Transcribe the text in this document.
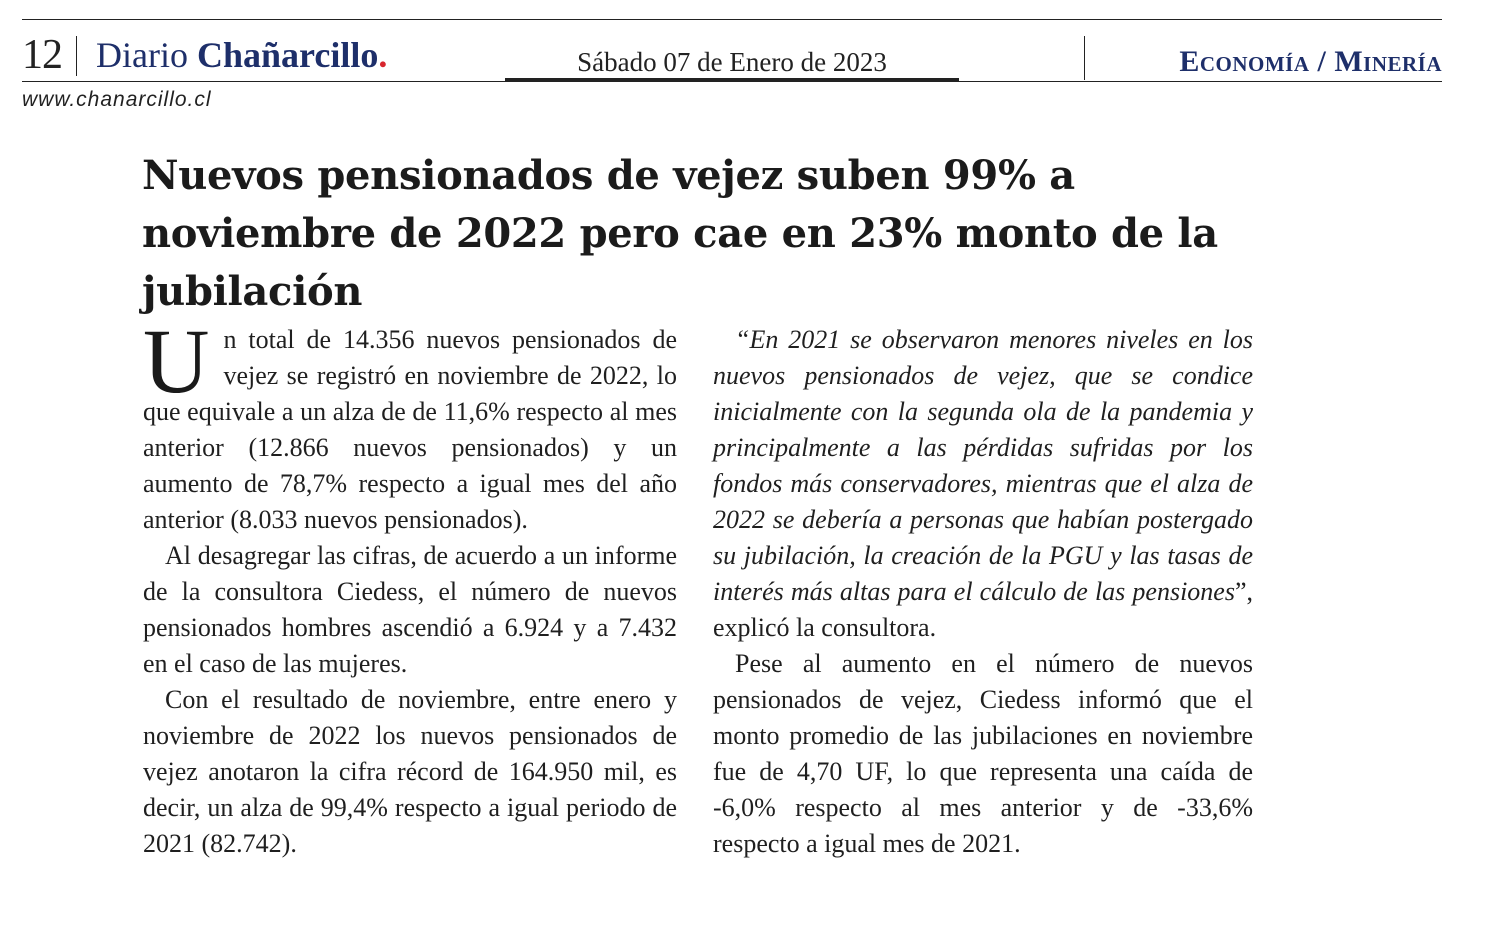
12 Diario Chañarcillo.	Sábado 07 de Enero de 2023	Economía / Minería
www.chanarcillo.cl
Nuevos pensionados de vejez suben 99% a noviembre de 2022 pero cae en 23% monto de la jubilación

Un total de 14.356 nuevos pensionados de vejez se registró en noviembre de 2022, lo que equivale a un alza de de 11,6% respecto al mes anterior (12.866 nuevos pensionados) y un aumento de 78,7% respecto a igual mes del año anterior (8.033 nuevos pensionados).

Al desagregar las cifras, de acuerdo a un informe de la consultora Ciedess, el número de nuevos pensionados hombres ascendió a 6.924 y a 7.432 en el caso de las mujeres.

Con el resultado de noviembre, entre enero y noviembre de 2022 los nuevos pensionados de vejez anotaron la cifra récord de 164.950 mil, es decir, un alza de 99,4% respecto a igual periodo de 2021 (82.742).

“En 2021 se observaron menores niveles en los nuevos pensionados de vejez, que se condice inicialmente con la segunda ola de la pandemia y principalmente a las pérdidas sufridas por los fondos más conservadores, mientras que el alza de 2022 se debería a personas que habían postergado su jubilación, la creación de la PGU y las tasas de interés más altas para el cálculo de las pensiones”, explicó la consultora.

Pese al aumento en el número de nuevos pensionados de vejez, Ciedess informó que el monto promedio de las jubilaciones en noviembre fue de 4,70 UF, lo que representa una caída de -6,0% respecto al mes anterior y de -33,6% respecto a igual mes de 2021.
